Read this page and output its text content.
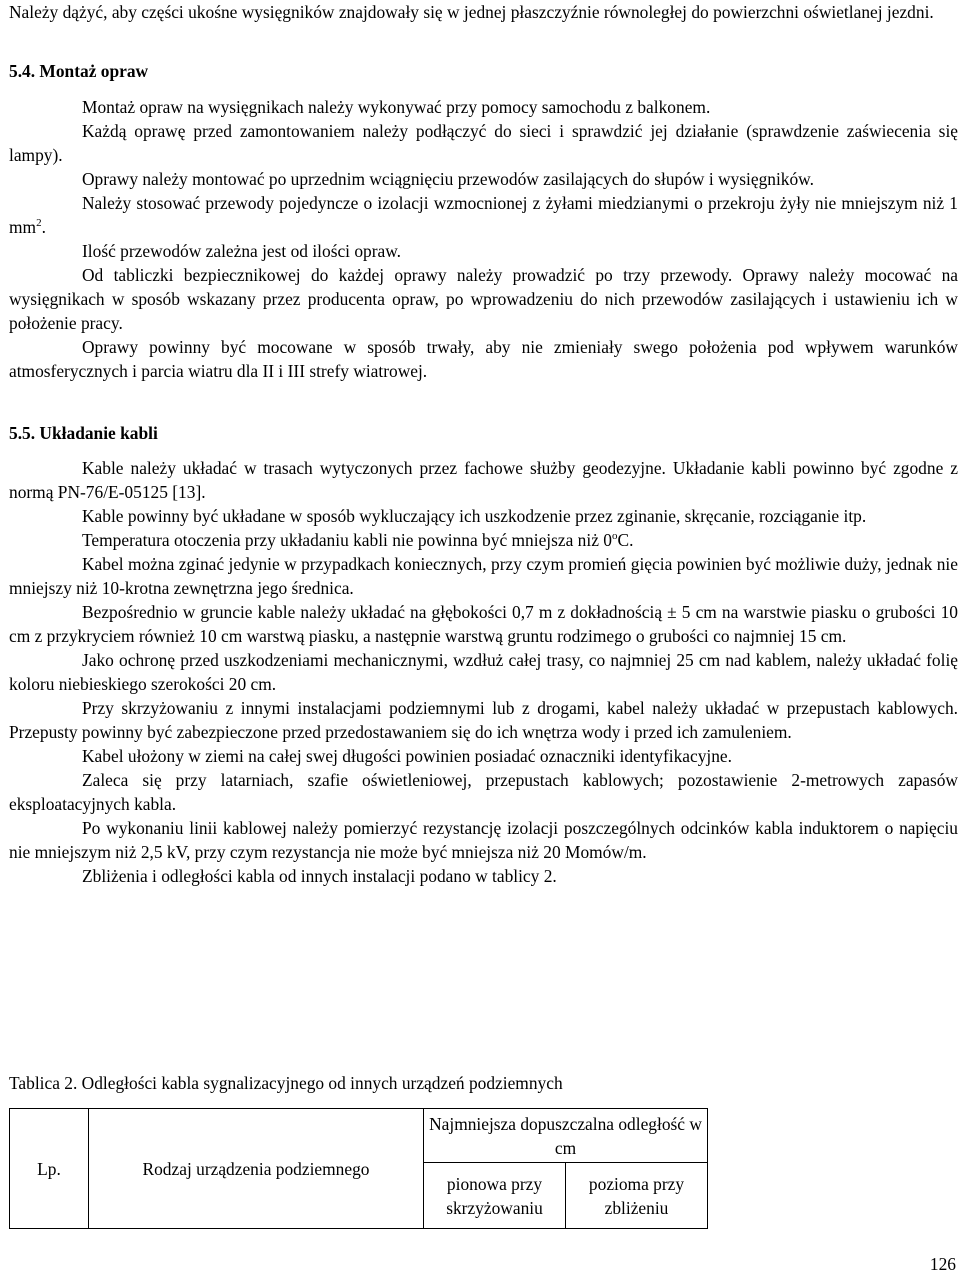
Należy dążyć, aby części ukośne wysięgników znajdowały się w jednej płaszczyźnie równoległej do powierzchni oświetlanej jezdni.

5.4. Montaż opraw

Montaż opraw na wysięgnikach należy wykonywać przy pomocy samochodu z balkonem.

Każdą oprawę przed zamontowaniem należy podłączyć do sieci i sprawdzić jej działanie (sprawdzenie zaświecenia się lampy).

Oprawy należy montować po uprzednim wciągnięciu przewodów zasilających do słupów i wysięgników.

Należy stosować przewody pojedyncze o izolacji wzmocnionej z żyłami miedzianymi o przekroju żyły nie mniejszym niż 1 $mm^2$.

Ilość przewodów zależna jest od ilości opraw.

Od tabliczki bezpiecznikowej do każdej oprawy należy prowadzić po trzy przewody. Oprawy należy mocować na wysięgnikach w sposób wskazany przez producenta opraw, po wprowadzeniu do nich przewodów zasilających i ustawieniu ich w położenie pracy.

Oprawy powinny być mocowane w sposób trwały, aby nie zmieniały swego położenia pod wpływem warunków atmosferycznych i parcia wiatru dla II i III strefy wiatrowej.

5.5. Układanie kabli

Kable należy układać w trasach wytyczonych przez fachowe służby geodezyjne. Układanie kabli powinno być zgodne z normą PN-76/E-05125 [13].

Kable powinny być układane w sposób wykluczający ich uszkodzenie przez zginanie, skręcanie, rozciąganie itp.

Temperatura otoczenia przy układaniu kabli nie powinna być mniejsza niż 0$^o$C.

Kabel można zginać jedynie w przypadkach koniecznych, przy czym promień gięcia powinien być możliwie duży, jednak nie mniejszy niż 10-krotna zewnętrzna jego średnica.

Bezpośrednio w gruncie kable należy układać na głębokości 0,7 m z dokładnością ± 5 cm na warstwie piasku o grubości 10 cm z przykryciem również 10 cm warstwą piasku, a następnie warstwą gruntu rodzimego o grubości co najmniej 15 cm.

Jako ochronę przed uszkodzeniami mechanicznymi, wzdłuż całej trasy, co najmniej 25 cm nad kablem, należy układać folię koloru niebieskiego szerokości 20 cm.

Przy skrzyżowaniu z innymi instalacjami podziemnymi lub z drogami, kabel należy układać w przepustach kablowych. Przepusty powinny być zabezpieczone przed przedostawaniem się do ich wnętrza wody i przed ich zamuleniem.

Kabel ułożony w ziemi na całej swej długości powinien posiadać oznaczniki identyfikacyjne.

Zaleca się przy latarniach, szafie oświetleniowej, przepustach kablowych; pozostawienie 2-metrowych zapasów eksploatacyjnych kabla.

Po wykonaniu linii kablowej należy pomierzyć rezystancję izolacji poszczególnych odcinków kabla induktorem o napięciu nie mniejszym niż 2,5 kV, przy czym rezystancja nie może być mniejsza niż 20 Momów/m.

Zbliżenia i odległości kabla od innych instalacji podano w tablicy 2.

Tablica 2. Odległości kabla sygnalizacyjnego od innych urządzeń podziemnych
Lp.	Rodzaj urządzenia podziemnego	Najmniejsza dopuszczalna odległość w cm		
		pionowa przy skrzyżowaniu	pozioma przy zbliżeniu	
126
